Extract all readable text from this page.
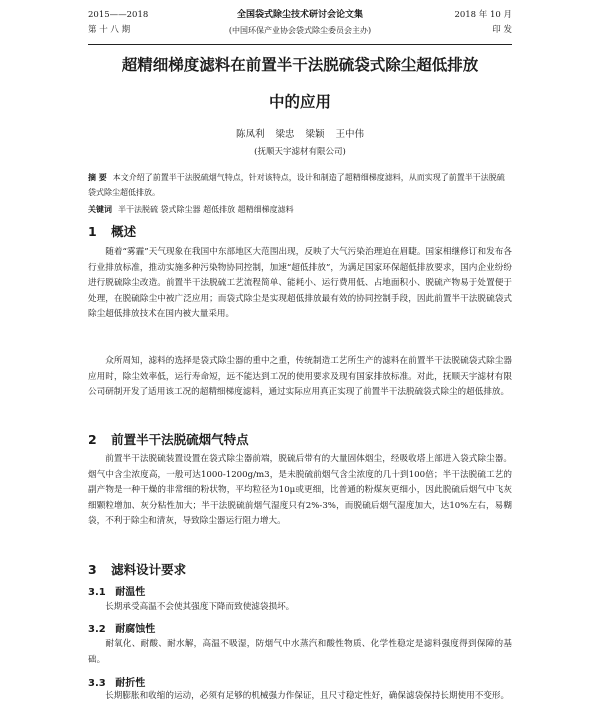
2015——2018
第 十 八 期
全国袋式除尘技术研讨会论文集
(中国环保产业协会袋式除尘委员会主办)
2018 年 10 月
印 发
超精细梯度滤料在前置半干法脱硫袋式除尘超低排放
中的应用
陈凤利 梁忠 梁颖 王中伟
(抚顺天宇滤材有限公司)
摘 要 本文介绍了前置半干法脱硫烟气特点，针对该特点，设计和制造了超精细梯度滤料，从而实现了前置半干法脱硫袋式除尘超低排放。
关键词 半干法脱硫 袋式除尘器 超低排放 超精细梯度滤料
1 概述
随着“雾霾”天气现象在我国中东部地区大范围出现，反映了大气污染治理迫在眉睫。国家相继修订和发布各行业排放标准，推动实施多种污染物协同控制，加速“超低排放”，为满足国家环保超低排放要求，国内企业纷纷进行脱硫除尘改造。前置半干法脱硫工艺流程简单、能耗小、运行费用低、占地面积小、脱硫产物易于处置便于处理，在脱硫除尘中被广泛应用；而袋式除尘是实现超低排放最有效的协同控制手段，因此前置半干法脱硫袋式除尘超低排放技术在国内被大量采用。
众所周知，滤料的选择是袋式除尘器的重中之重，传统制造工艺所生产的滤料在前置半干法脱硫袋式除尘器应用时，除尘效率低，运行寿命短，远不能达到工况的使用要求及现有国家排放标准。对此，抚顺天宇滤材有限公司研制开发了适用该工况的超精细梯度滤料，通过实际应用真正实现了前置半干法脱硫袋式除尘的超低排放。
2 前置半干法脱硫烟气特点
前置半干法脱硫装置设置在袋式除尘器前端，脱硫后带有的大量固体烟尘，经吸收塔上部进入袋式除尘器。烟气中含尘浓度高，一般可达1000-1200g/m3，是未脱硫前烟气含尘浓度的几十到100倍；半干法脱硫工艺的副产物是一种干燥的非常细的粉状物，平均粒径为10μ或更细，比普通的粉煤灰更细小，因此脱硫后烟气中飞灰细颗粒增加、灰分粘性加大；半干法脱硫前烟气湿度只有2%-3%，而脱硫后烟气湿度加大，达10%左右，易糊袋，不利于除尘和清灰，导致除尘器运行阻力增大。
3 滤料设计要求
3.1 耐温性
长期承受高温不会使其强度下降而致使滤袋损坏。
3.2 耐腐蚀性
耐氧化、耐酸、耐水解，高温不吸湿，防烟气中水蒸汽和酸性物质、化学性稳定是滤料强度得到保障的基础。
3.3 耐折性
长期膨胀和收缩的运动，必须有足够的机械强力作保证，且尺寸稳定性好，确保滤袋保持长期使用不变形。
